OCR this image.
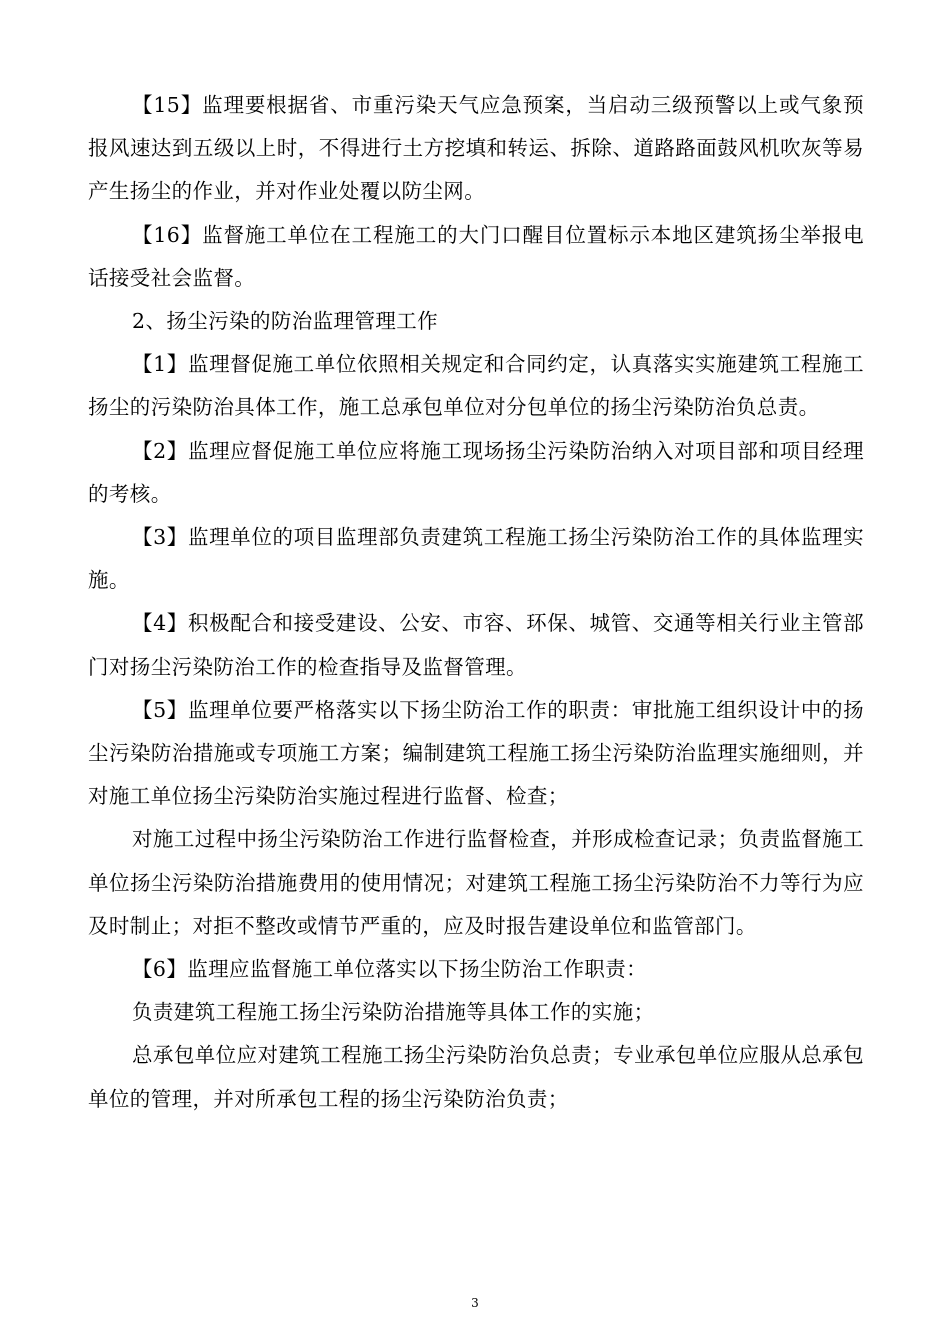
【15】监理要根据省、市重污染天气应急预案，当启动三级预警以上或气象预报风速达到五级以上时，不得进行土方挖填和转运、拆除、道路路面鼓风机吹灰等易产生扬尘的作业，并对作业处覆以防尘网。

【16】监督施工单位在工程施工的大门口醒目位置标示本地区建筑扬尘举报电话接受社会监督。

2、扬尘污染的防治监理管理工作

【1】监理督促施工单位依照相关规定和合同约定，认真落实实施建筑工程施工扬尘的污染防治具体工作，施工总承包单位对分包单位的扬尘污染防治负总责。

【2】监理应督促施工单位应将施工现场扬尘污染防治纳入对项目部和项目经理的考核。

【3】监理单位的项目监理部负责建筑工程施工扬尘污染防治工作的具体监理实施。

【4】积极配合和接受建设、公安、市容、环保、城管、交通等相关行业主管部门对扬尘污染防治工作的检查指导及监督管理。

【5】监理单位要严格落实以下扬尘防治工作的职责：审批施工组织设计中的扬尘污染防治措施或专项施工方案；编制建筑工程施工扬尘污染防治监理实施细则，并对施工单位扬尘污染防治实施过程进行监督、检查；

对施工过程中扬尘污染防治工作进行监督检查，并形成检查记录；负责监督施工单位扬尘污染防治措施费用的使用情况；对建筑工程施工扬尘污染防治不力等行为应及时制止；对拒不整改或情节严重的，应及时报告建设单位和监管部门。

【6】监理应监督施工单位落实以下扬尘防治工作职责：

负责建筑工程施工扬尘污染防治措施等具体工作的实施；

总承包单位应对建筑工程施工扬尘污染防治负总责；专业承包单位应服从总承包单位的管理，并对所承包工程的扬尘污染防治负责；

3
